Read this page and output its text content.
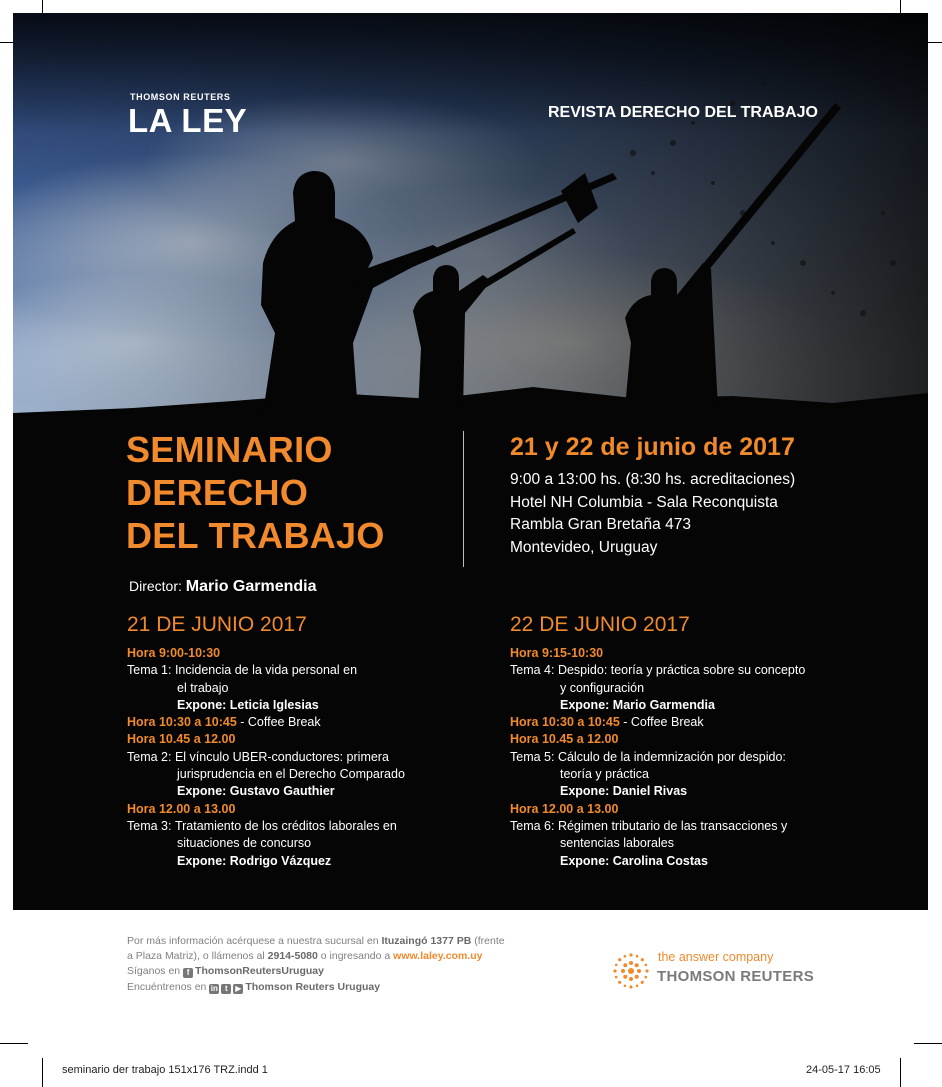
THOMSON REUTERS
LA LEY	REVISTA DERECHO DEL TRABAJO
SEMINARIO
DERECHO
DEL TRABAJO
21 y 22 de junio de 2017
9:00 a 13:00 hs. (8:30 hs. acreditaciones)
Hotel NH Columbia - Sala Reconquista
Rambla Gran Bretaña 473
Montevideo, Uruguay
Director: Mario Garmendia
21 DE JUNIO 2017
Hora 9:00-10:30
Tema 1:
Incidencia de la vida personal en
el trabajo
Expone: Leticia Iglesias
Hora 10:30 a 10:45 - Coffee Break
Hora 10.45 a 12.00
Tema 2:
El vínculo UBER-conductores: primera
jurisprudencia en el Derecho Comparado
Expone: Gustavo Gauthier
Hora 12.00 a 13.00
Tema 3:
Tratamiento de los créditos laborales en
situaciones de concurso
Expone: Rodrigo Vázquez
22 DE JUNIO 2017
Hora 9:15-10:30
Tema 4:
Despido: teoría y práctica sobre su concepto
y configuración
Expone: Mario Garmendia
Hora 10:30 a 10:45 - Coffee Break
Hora 10.45 a 12.00
Tema 5:
Cálculo de la indemnización por despido:
teoría y práctica
Expone: Daniel Rivas
Hora 12.00 a 13.00
Tema 6:
Régimen tributario de las transacciones y
sentencias laborales
Expone: Carolina Costas
Por más información acérquese a nuestra sucursal en Ituzaingó 1377 PB (frente
a Plaza Matriz), o llámenos al 2914-5080 o ingresando a www.laley.com.uy
Síganos en f ThomsonReutersUruguay
Encuéntrenos en in t ▶ Thomson Reuters Uruguay
the answer company
THOMSON REUTERS
seminario der trabajo 151x176 TRZ.indd 1	24-05-17 16:05
